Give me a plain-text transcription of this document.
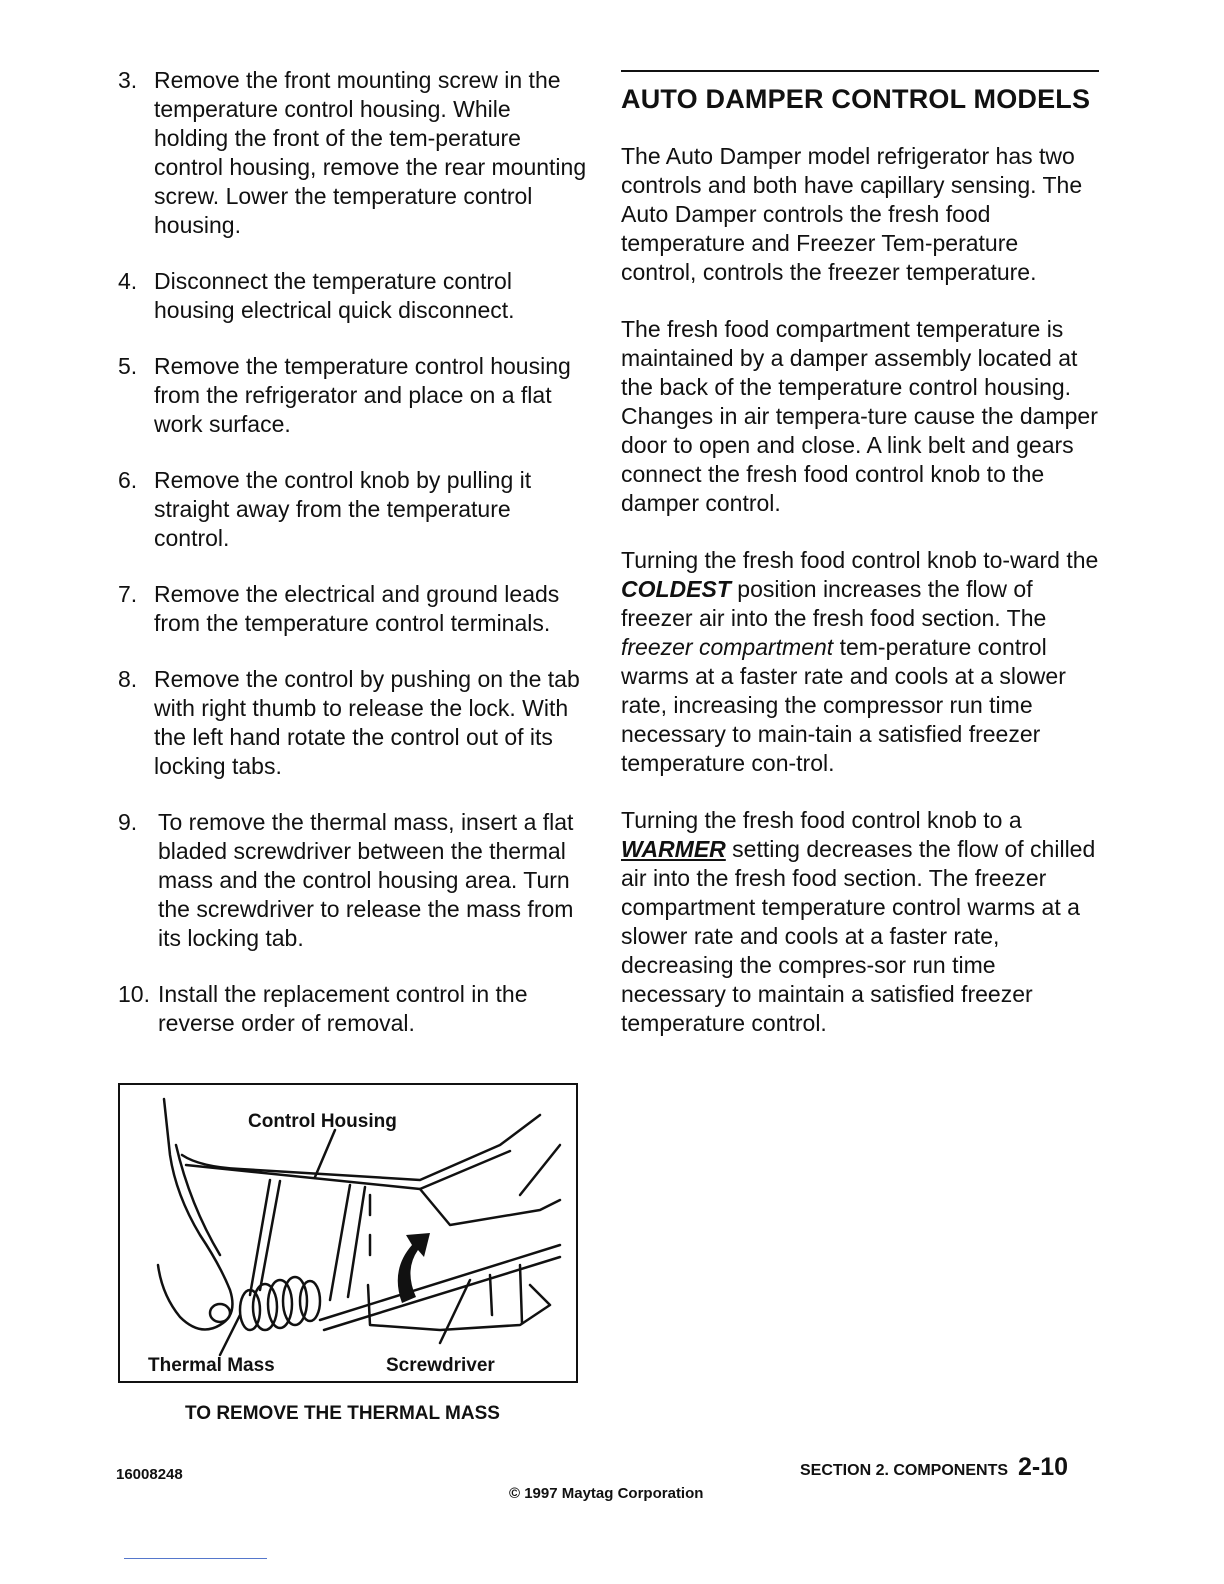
3. Remove the front mounting screw in the temperature control housing. While holding the front of the tem-perature control housing, remove the rear mounting screw. Lower the temperature control housing.
4. Disconnect the temperature control housing electrical quick disconnect.
5. Remove the temperature control housing from the refrigerator and place on a flat work surface.
6. Remove the control knob by pulling it straight away from the temperature control.
7. Remove the electrical and ground leads from the temperature control terminals.
8. Remove the control by pushing on the tab with right thumb to release the lock. With the left hand rotate the control out of its locking tabs.
9. To remove the thermal mass, insert a flat bladed screwdriver between the thermal mass and the control housing area. Turn the screwdriver to release the mass from its locking tab.
10. Install the replacement control in the reverse order of removal.
Control Housing
Thermal Mass	Screwdriver
TO REMOVE THE THERMAL MASS
AUTO DAMPER CONTROL MODELS

The Auto Damper model refrigerator has two controls and both have capillary sensing. The Auto Damper controls the fresh food temperature and Freezer Tem-perature control, controls the freezer temperature.

The fresh food compartment temperature is maintained by a damper assembly located at the back of the temperature control housing. Changes in air tempera-ture cause the damper door to open and close. A link belt and gears connect the fresh food control knob to the damper control.

Turning the fresh food control knob to-ward the COLDEST position increases the flow of freezer air into the fresh food section. The freezer compartment tem-perature control warms at a faster rate and cools at a slower rate, increasing the compressor run time necessary to main-tain a satisfied freezer temperature con-trol.

Turning the fresh food control knob to a WARMER setting decreases the flow of chilled air into the fresh food section. The freezer compartment temperature control warms at a slower rate and cools at a faster rate, decreasing the compres-sor run time necessary to maintain a satisfied freezer temperature control.

16008248	SECTION 2. COMPONENTS 2-10
© 1997 Maytag Corporation
